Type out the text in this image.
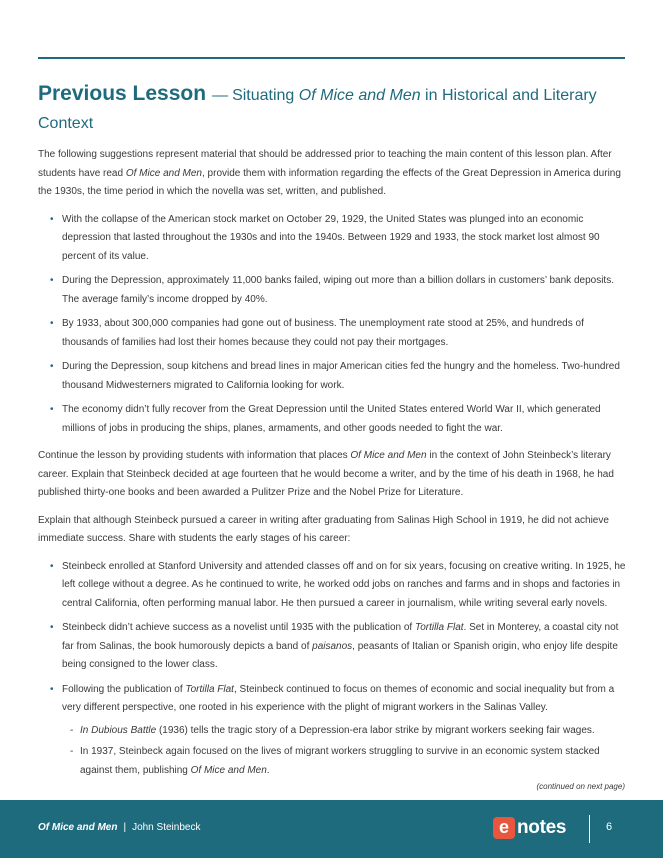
Previous Lesson — Situating Of Mice and Men in Historical and Literary Context

The following suggestions represent material that should be addressed prior to teaching the main content of this lesson plan. After students have read Of Mice and Men, provide them with information regarding the effects of the Great Depression in America during the 1930s, the time period in which the novella was set, written, and published.

• With the collapse of the American stock market on October 29, 1929, the United States was plunged into an economic depression that lasted throughout the 1930s and into the 1940s. Between 1929 and 1933, the stock market lost almost 90 percent of its value.
• During the Depression, approximately 11,000 banks failed, wiping out more than a billion dollars in customers’ bank deposits. The average family’s income dropped by 40%.
• By 1933, about 300,000 companies had gone out of business. The unemployment rate stood at 25%, and hundreds of thousands of families had lost their homes because they could not pay their mortgages.
• During the Depression, soup kitchens and bread lines in major American cities fed the hungry and the homeless. Two-hundred thousand Midwesterners migrated to California looking for work.
• The economy didn’t fully recover from the Great Depression until the United States entered World War II, which generated millions of jobs in producing the ships, planes, armaments, and other goods needed to fight the war.

Continue the lesson by providing students with information that places Of Mice and Men in the context of John Steinbeck’s literary career. Explain that Steinbeck decided at age fourteen that he would become a writer, and by the time of his death in 1968, he had published thirty-one books and been awarded a Pulitzer Prize and the Nobel Prize for Literature.

Explain that although Steinbeck pursued a career in writing after graduating from Salinas High School in 1919, he did not achieve immediate success. Share with students the early stages of his career:

• Steinbeck enrolled at Stanford University and attended classes off and on for six years, focusing on creative writing. In 1925, he left college without a degree. As he continued to write, he worked odd jobs on ranches and farms and in shops and factories in central California, often performing manual labor. He then pursued a career in journalism, while writing several early novels.
• Steinbeck didn’t achieve success as a novelist until 1935 with the publication of Tortilla Flat. Set in Monterey, a coastal city not far from Salinas, the book humorously depicts a band of paisanos, peasants of Italian or Spanish origin, who enjoy life despite being consigned to the lower class.
• Following the publication of Tortilla Flat, Steinbeck continued to focus on themes of economic and social inequality but from a very different perspective, one rooted in his experience with the plight of migrant workers in the Salinas Valley.
- In Dubious Battle (1936) tells the tragic story of a Depression-era labor strike by migrant workers seeking fair wages.
- In 1937, Steinbeck again focused on the lives of migrant workers struggling to survive in an economic system stacked against them, publishing Of Mice and Men.
(continued on next page)
Of Mice and Men | John Steinbeck	e notes	6
